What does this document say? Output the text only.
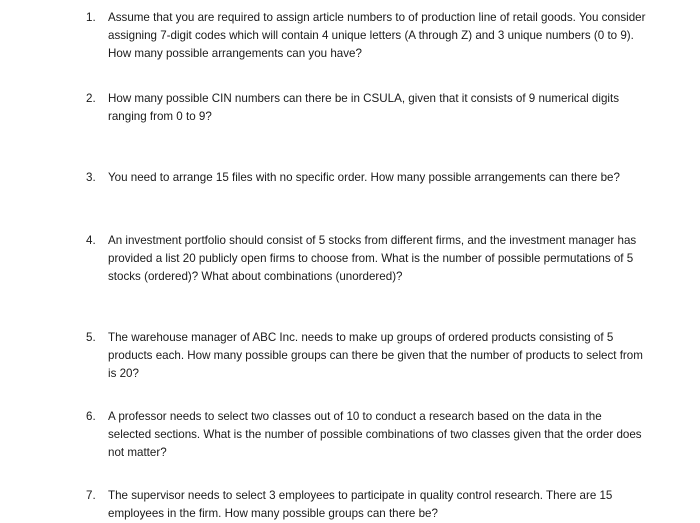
1.	Assume that you are required to assign article numbers to of production line of retail goods. You consider assigning 7-digit codes which will contain 4 unique letters (A through Z) and 3 unique numbers (0 to 9). How many possible arrangements can you have?
2.	How many possible CIN numbers can there be in CSULA, given that it consists of 9 numerical digits ranging from 0 to 9?
3.	You need to arrange 15 files with no specific order. How many possible arrangements can there be?
4.	An investment portfolio should consist of 5 stocks from different firms, and the investment manager has provided a list 20 publicly open firms to choose from. What is the number of possible permutations of 5 stocks (ordered)? What about combinations (unordered)?
5.	The warehouse manager of ABC Inc. needs to make up groups of ordered products consisting of 5 products each. How many possible groups can there be given that the number of products to select from is 20?
6.	A professor needs to select two classes out of 10 to conduct a research based on the data in the selected sections. What is the number of possible combinations of two classes given that the order does not matter?
7.	The supervisor needs to select 3 employees to participate in quality control research. There are 15 employees in the firm. How many possible groups can there be?
